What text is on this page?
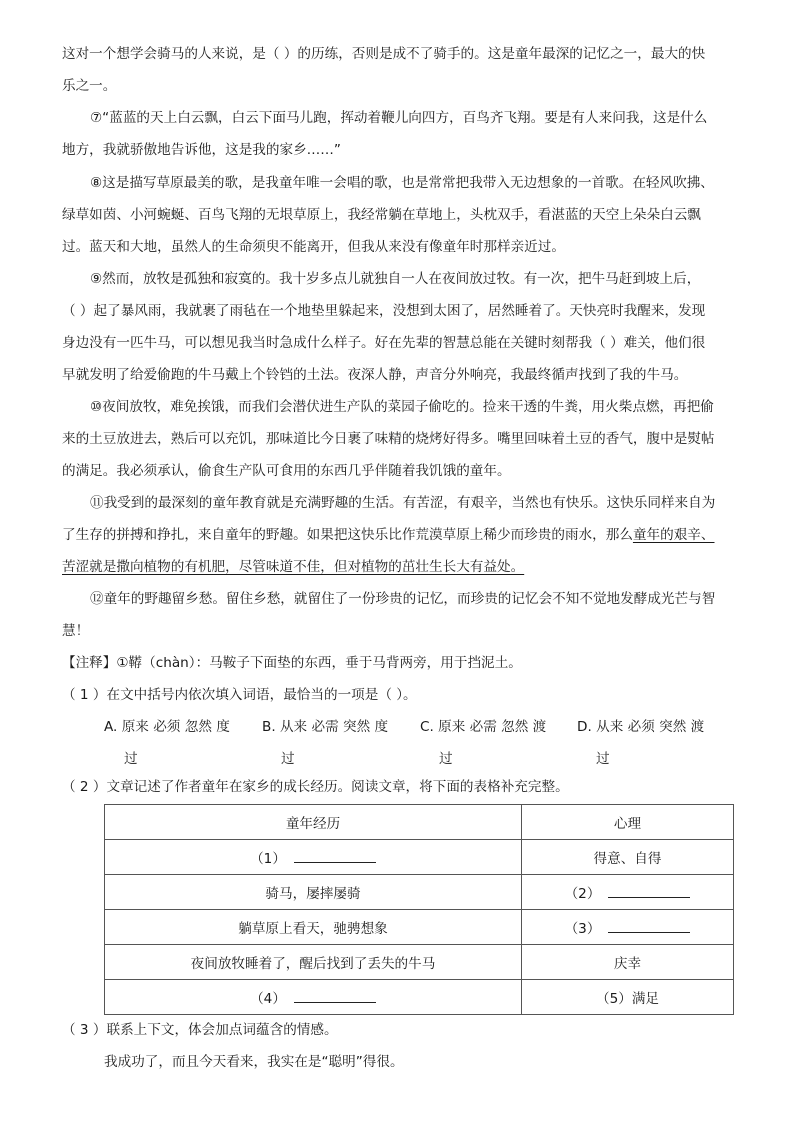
这对一个想学会骑马的人来说，是（ ）的历练，否则是成不了骑手的。这是童年最深的记忆之一，最大的快
乐之一。
⑦“蓝蓝的天上白云飘，白云下面马儿跑，挥动着鞭儿向四方，百鸟齐飞翔。要是有人来问我，这是什么
地方，我就骄傲地告诉他，这是我的家乡……”
⑧这是描写草原最美的歌，是我童年唯一会唱的歌，也是常常把我带入无边想象的一首歌。在轻风吹拂、
绿草如茵、小河蜿蜒、百鸟飞翔的无垠草原上，我经常躺在草地上，头枕双手，看湛蓝的天空上朵朵白云飘
过。蓝天和大地，虽然人的生命须臾不能离开，但我从来没有像童年时那样亲近过。
⑨然而，放牧是孤独和寂寞的。我十岁多点儿就独自一人在夜间放过牧。有一次，把牛马赶到坡上后，
（ ）起了暴风雨，我就裹了雨毡在一个地垫里躲起来，没想到太困了，居然睡着了。天快亮时我醒来，发现
身边没有一匹牛马，可以想见我当时急成什么样子。好在先辈的智慧总能在关键时刻帮我（ ）难关，他们很
早就发明了给爱偷跑的牛马戴上个铃铛的土法。夜深人静，声音分外响亮，我最终循声找到了我的牛马。
⑩夜间放牧，难免挨饿，而我们会潜伏进生产队的菜园子偷吃的。捡来干透的牛粪，用火柴点燃，再把偷
来的土豆放进去，熟后可以充饥，那味道比今日裹了味精的烧烤好得多。嘴里回味着土豆的香气，腹中是熨帖
的满足。我必须承认，偷食生产队可食用的东西几乎伴随着我饥饿的童年。
⑪我受到的最深刻的童年教育就是充满野趣的生活。有苦涩，有艰辛，当然也有快乐。这快乐同样来自为
了生存的拼搏和挣扎，来自童年的野趣。如果把这快乐比作荒漠草原上稀少而珍贵的雨水，那么童年的艰辛、
苦涩就是撒向植物的有机肥，尽管味道不佳，但对植物的茁壮生长大有益处。
⑫童年的野趣留乡愁。留住乡愁，就留住了一份珍贵的记忆，而珍贵的记忆会不知不觉地发酵成光芒与智
慧！
【注释】①鞯（chàn）：马鞍子下面垫的东西，垂于马背两旁，用于挡泥土。
（ 1 ）在文中括号内依次填入词语，最恰当的一项是（ ）。
A. 原来 必须 忽然 度
过
B. 从来 必需 突然 度
过
C. 原来 必需 忽然 渡
过
D. 从来 必须 突然 渡
过
（ 2 ）文章记述了作者童年在家乡的成长经历。阅读文章，将下面的表格补充完整。
童年经历	心理
（1）	得意、自得
骑马，屡摔屡骑	（2）
躺草原上看天，驰骋想象	（3）
夜间放牧睡着了，醒后找到了丢失的牛马	庆幸
（4）	（5）满足
（ 3 ）联系上下文，体会加点词蕴含的情感。
我成功了，而且今天看来，我实在是“聪明”得很。
